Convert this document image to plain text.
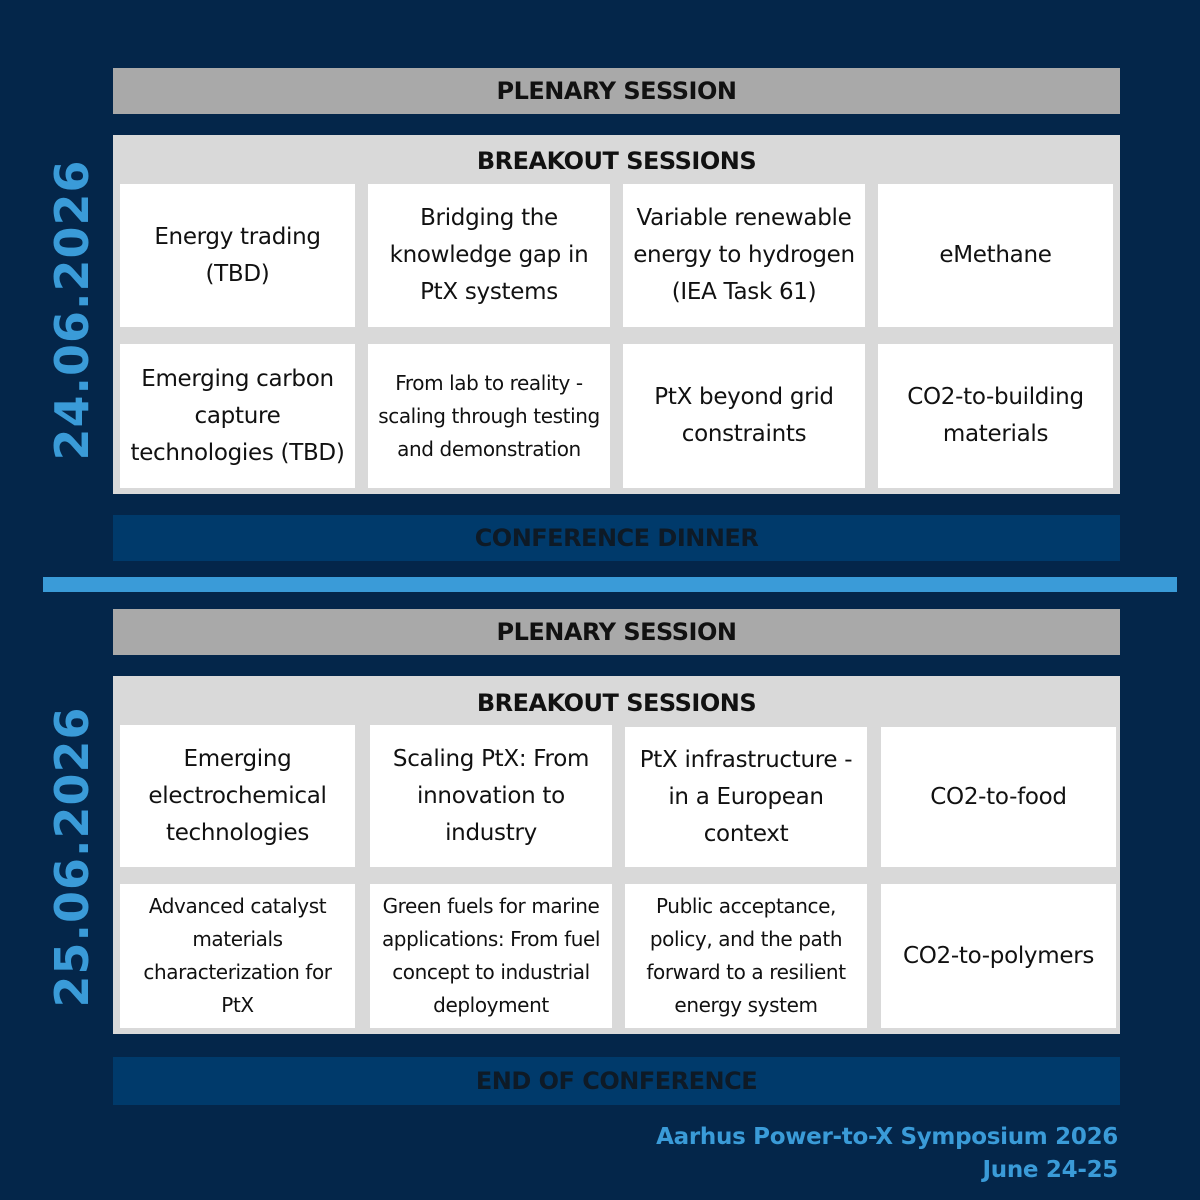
24.06.2026
PLENARY SESSION
BREAKOUT SESSIONS
Energy trading (TBD)
Bridging the knowledge gap in PtX systems
Variable renewable energy to hydrogen (IEA Task 61)
eMethane
Emerging carbon capture technologies (TBD)
From lab to reality - scaling through testing and demonstration
PtX beyond grid constraints
CO2-to-building materials
CONFERENCE DINNER
25.06.2026
PLENARY SESSION
BREAKOUT SESSIONS
Emerging electrochemical technologies
Scaling PtX: From innovation to industry
PtX infrastructure - in a European context
CO2-to-food
Advanced catalyst materials characterization for PtX
Green fuels for marine applications: From fuel concept to industrial deployment
Public acceptance, policy, and the path forward to a resilient energy system
CO2-to-polymers
END OF CONFERENCE
Aarhus Power-to-X Symposium 2026
June 24-25
